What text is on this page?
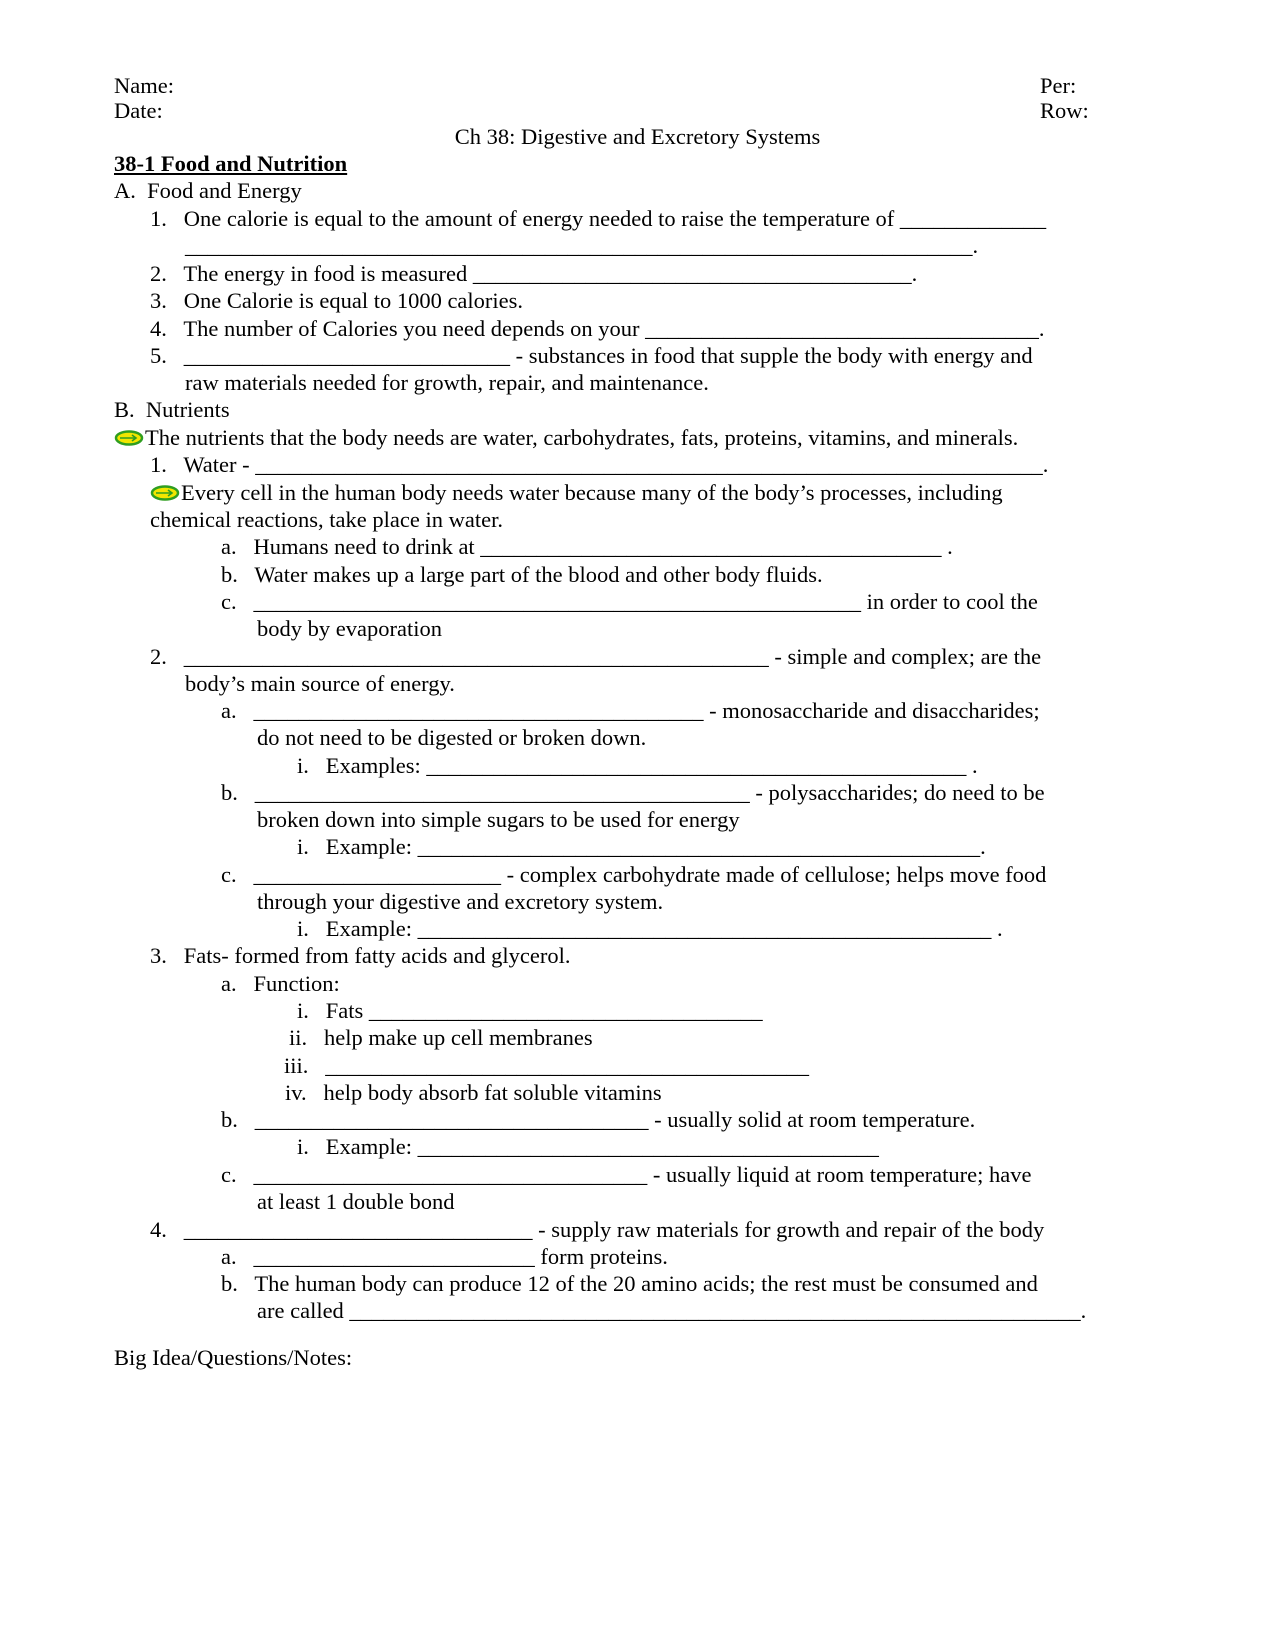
Name:
Date:
Per:
Row:
Ch 38: Digestive and Excretory Systems
38-1 Food and Nutrition
A.  Food and Energy
1.   One calorie is equal to the amount of energy needed to raise the temperature of _____________
______________________________________________________________________.
2.   The energy in food is measured _______________________________________.
3.   One Calorie is equal to 1000 calories.
4.   The number of Calories you need depends on your ___________________________________.
5.   _____________________________ - substances in food that supple the body with energy and
raw materials needed for growth, repair, and maintenance.
B.  Nutrients
The nutrients that the body needs are water, carbohydrates, fats, proteins, vitamins, and minerals.
1.   Water - ______________________________________________________________________.
Every cell in the human body needs water because many of the body’s processes, including
chemical reactions, take place in water.
a.   Humans need to drink at _________________________________________ .
b.   Water makes up a large part of the blood and other body fluids.
c.   ______________________________________________________ in order to cool the
body by evaporation
2.   ____________________________________________________ - simple and complex; are the
body’s main source of energy.
a.   ________________________________________ - monosaccharide and disaccharides;
do not need to be digested or broken down.
i.   Examples: ________________________________________________ .
b.   ____________________________________________ - polysaccharides; do need to be
broken down into simple sugars to be used for energy
i.   Example: __________________________________________________.
c.   ______________________ - complex carbohydrate made of cellulose; helps move food
through your digestive and excretory system.
i.   Example: ___________________________________________________ .
3.   Fats- formed from fatty acids and glycerol.
a.   Function:
i.   Fats ___________________________________
ii.   help make up cell membranes
iii.   ___________________________________________
iv.   help body absorb fat soluble vitamins
b.   ___________________________________ - usually solid at room temperature.
i.   Example: _________________________________________
c.   ___________________________________ - usually liquid at room temperature; have
at least 1 double bond
4.   _______________________________ - supply raw materials for growth and repair of the body
a.   _________________________ form proteins.
b.   The human body can produce 12 of the 20 amino acids; the rest must be consumed and
are called _________________________________________________________________.
Big Idea/Questions/Notes:
